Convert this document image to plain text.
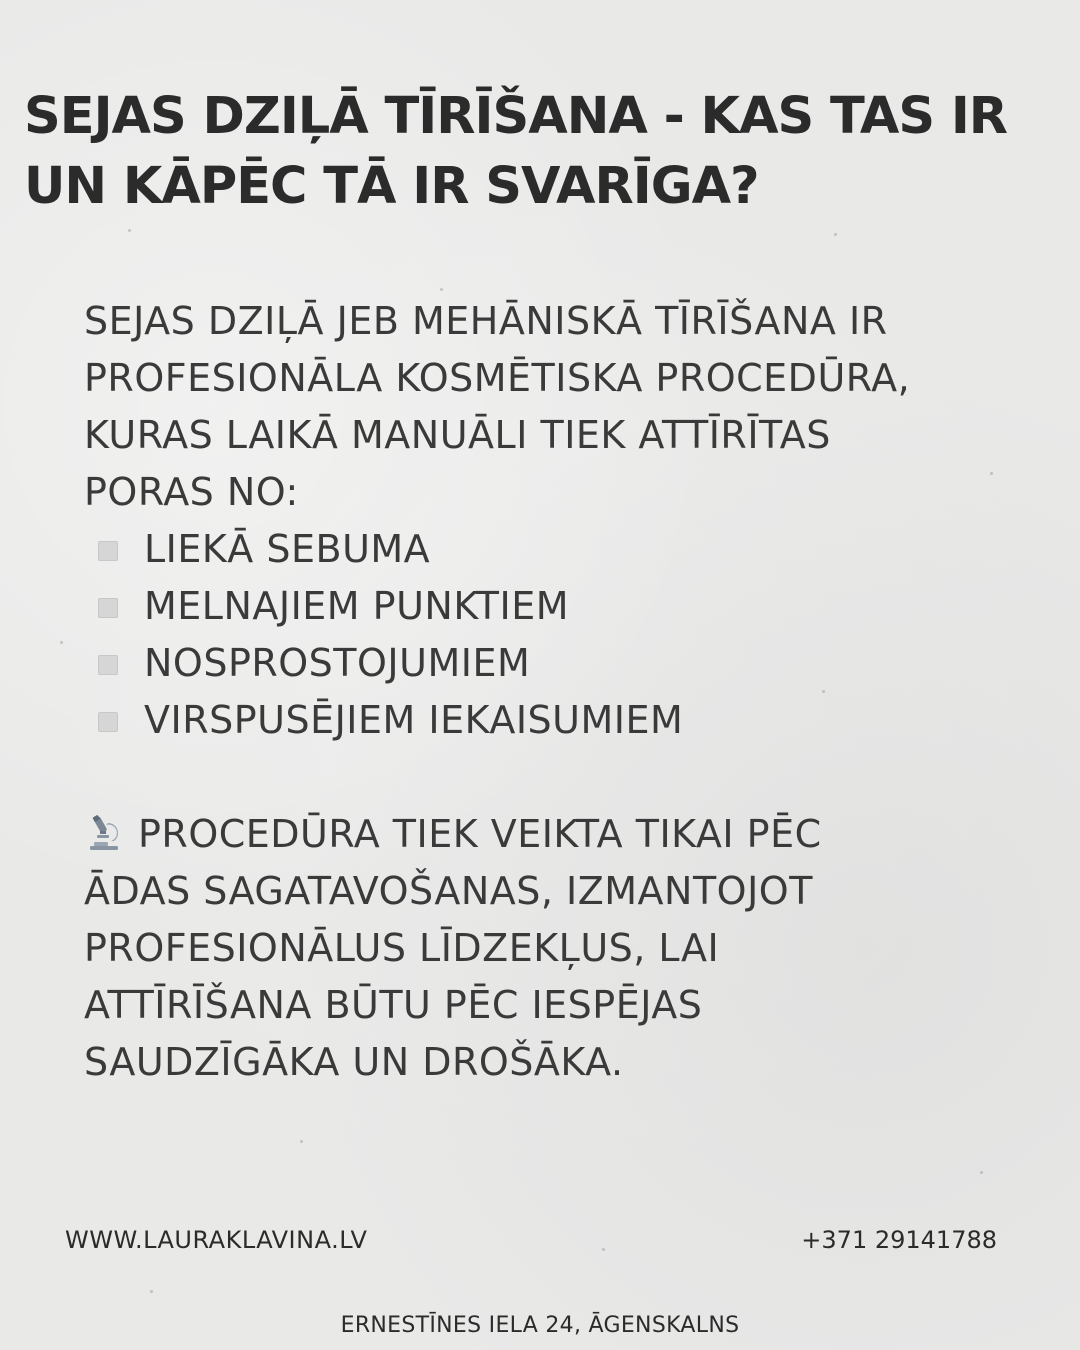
SEJAS DZIĻĀ TĪRĪŠANA - KAS TAS IR
UN KĀPĒC TĀ IR SVARĪGA?
SEJAS DZIĻĀ JEB MEHĀNISKĀ TĪRĪŠANA IR
PROFESIONĀLA KOSMĒTISKA PROCEDŪRA,
KURAS LAIKĀ MANUĀLI TIEK ATTĪRĪTAS
PORAS NO:
LIEKĀ SEBUMA
MELNAJIEM PUNKTIEM
NOSPROSTOJUMIEM
VIRSPUSĒJIEM IEKAISUMIEM
PROCEDŪRA TIEK VEIKTA TIKAI PĒC
ĀDAS SAGATAVOŠANAS, IZMANTOJOT
PROFESIONĀLUS LĪDZEKĻUS, LAI
ATTĪRĪŠANA BŪTU PĒC IESPĒJAS
SAUDZĪGĀKA UN DROŠĀKA.
WWW.LAURAKLAVINA.LV	+371 29141788
ERNESTĪNES IELA 24, ĀGENSKALNS
